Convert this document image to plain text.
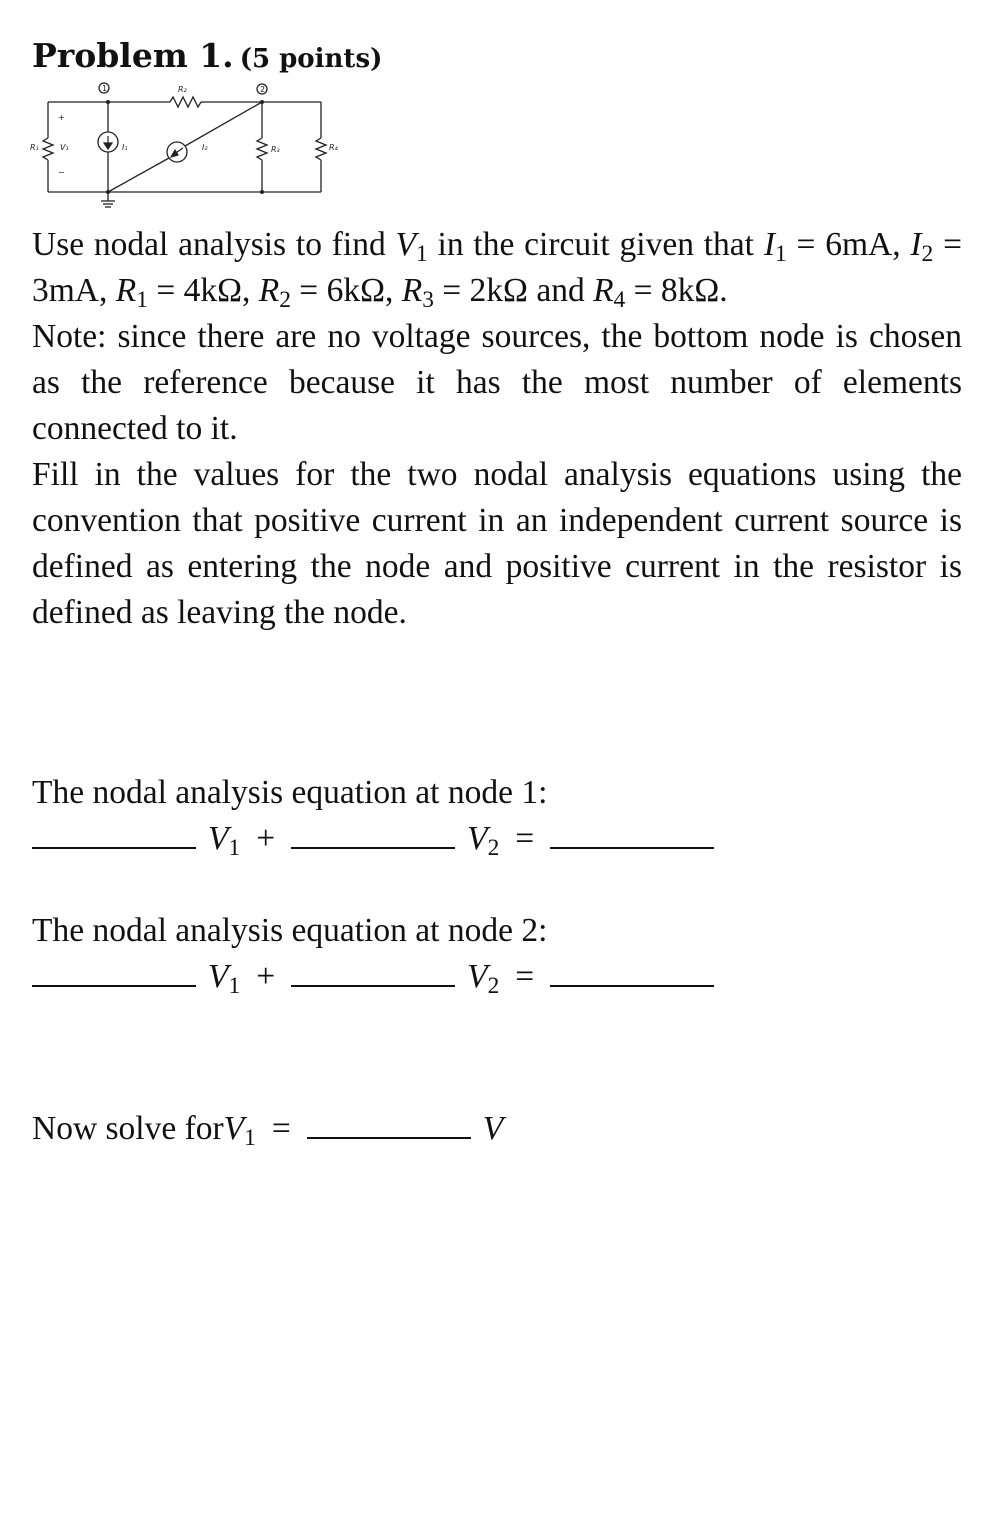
Problem 1. (5 points)
1	2
+
−
R₁	V₁
R₂
I₁	I₂	R₃	R₄

Use nodal analysis to find $V_1$ in the circuit given that $I_1 = 6mA$, $I_2 = 3mA$, $R_1 = 4k\Omega$, $R_2 = 6k\Omega$, $R_3 = 2k\Omega$ and $R_4 = 8k\Omega$.

Note: since there are no voltage sources, the bottom node is chosen as the reference because it has the most number of elements connected to it.

Fill in the values for the two nodal analysis equations using the convention that positive current in an independent current source is defined as entering the node and positive current in the resistor is defined as leaving the node.

The nodal analysis equation at node 1:
$V_1$ +	$V_2$ =
The nodal analysis equation at node 2:
$V_1$ +	$V_2$ =
Now solve for $V_1$ =	V
